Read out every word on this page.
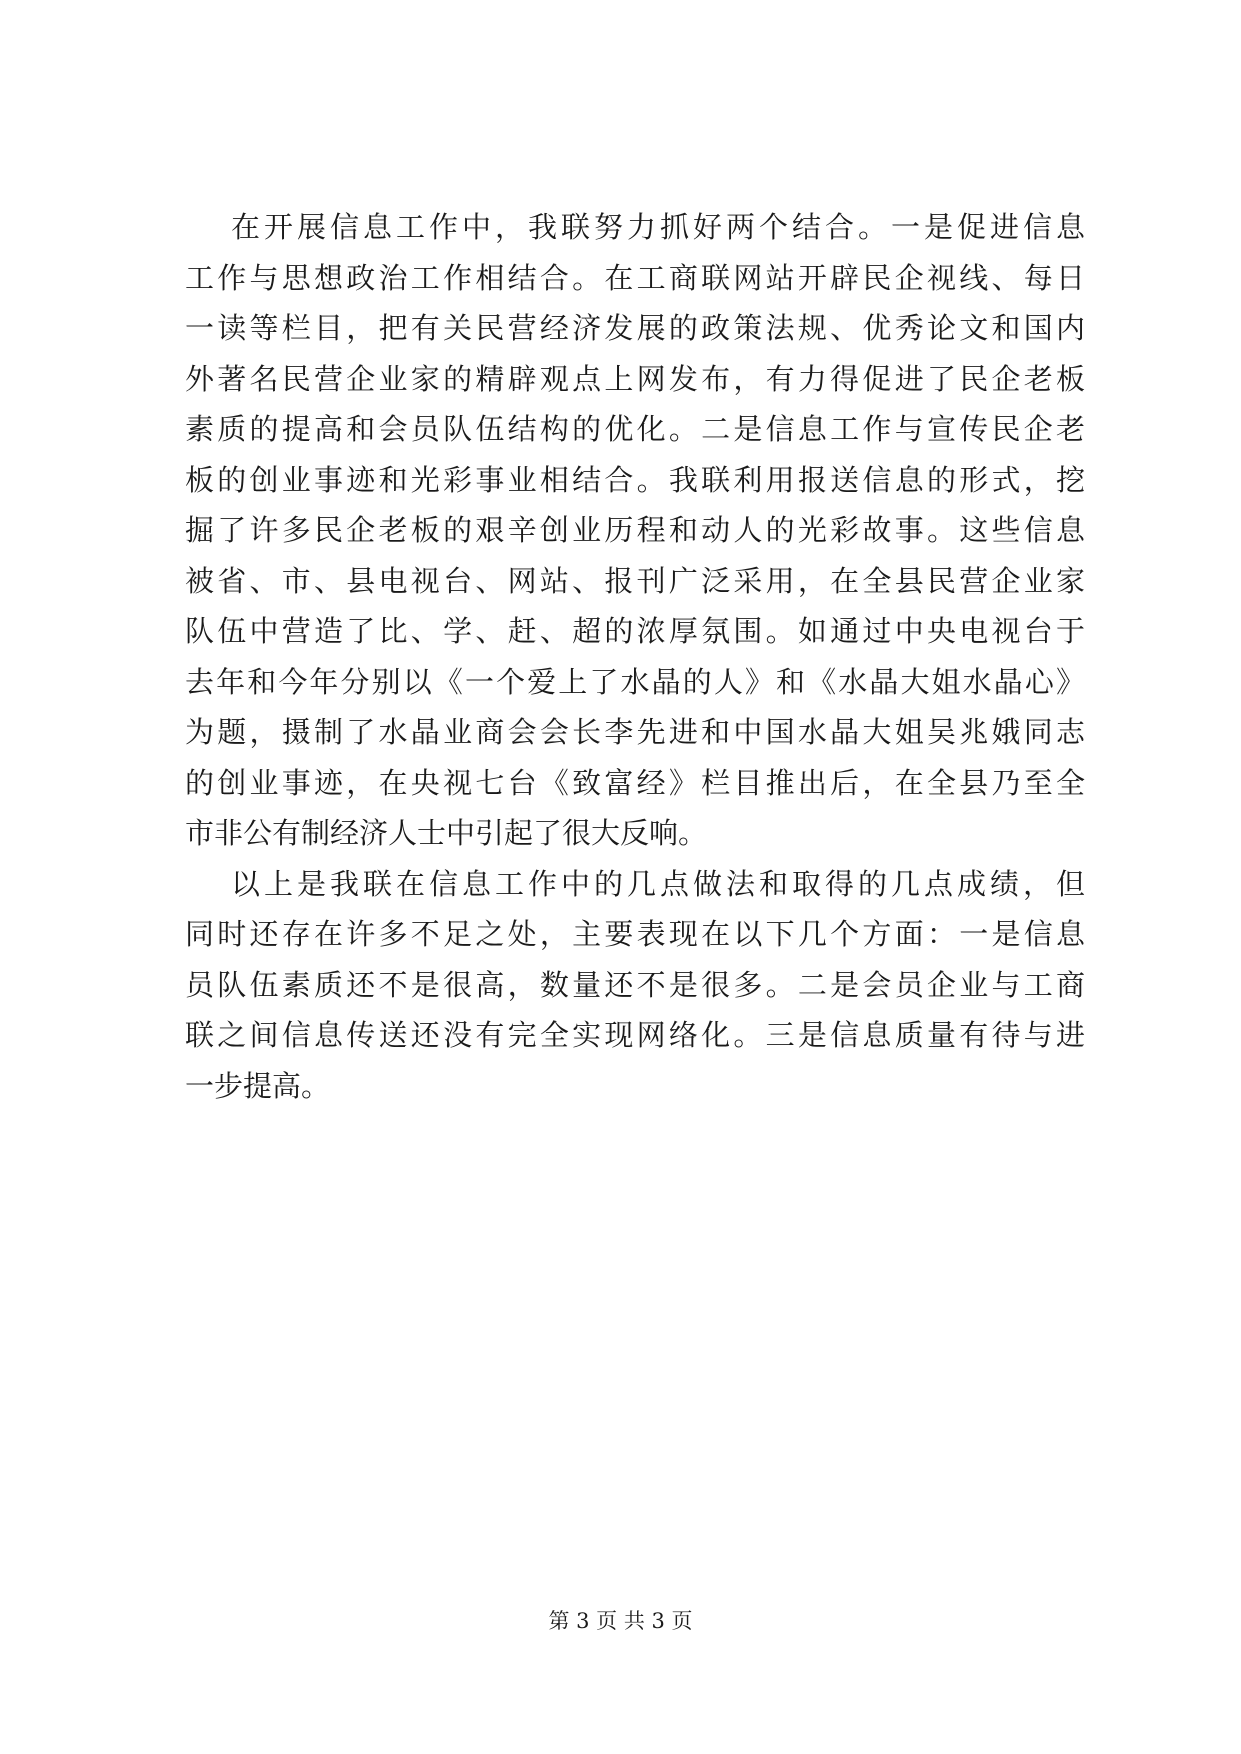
在开展信息工作中，我联努力抓好两个结合。一是促进信息
工作与思想政治工作相结合。在工商联网站开辟民企视线、每日
一读等栏目，把有关民营经济发展的政策法规、优秀论文和国内
外著名民营企业家的精辟观点上网发布，有力得促进了民企老板
素质的提高和会员队伍结构的优化。二是信息工作与宣传民企老
板的创业事迹和光彩事业相结合。我联利用报送信息的形式，挖
掘了许多民企老板的艰辛创业历程和动人的光彩故事。这些信息
被省、市、县电视台、网站、报刊广泛采用，在全县民营企业家
队伍中营造了比、学、赶、超的浓厚氛围。如通过中央电视台于
去年和今年分别以《一个爱上了水晶的人》和《水晶大姐水晶心》
为题，摄制了水晶业商会会长李先进和中国水晶大姐吴兆娥同志
的创业事迹，在央视七台《致富经》栏目推出后，在全县乃至全
市非公有制经济人士中引起了很大反响。
以上是我联在信息工作中的几点做法和取得的几点成绩，但
同时还存在许多不足之处，主要表现在以下几个方面：一是信息
员队伍素质还不是很高，数量还不是很多。二是会员企业与工商
联之间信息传送还没有完全实现网络化。三是信息质量有待与进
一步提高。
第 3 页 共 3 页
